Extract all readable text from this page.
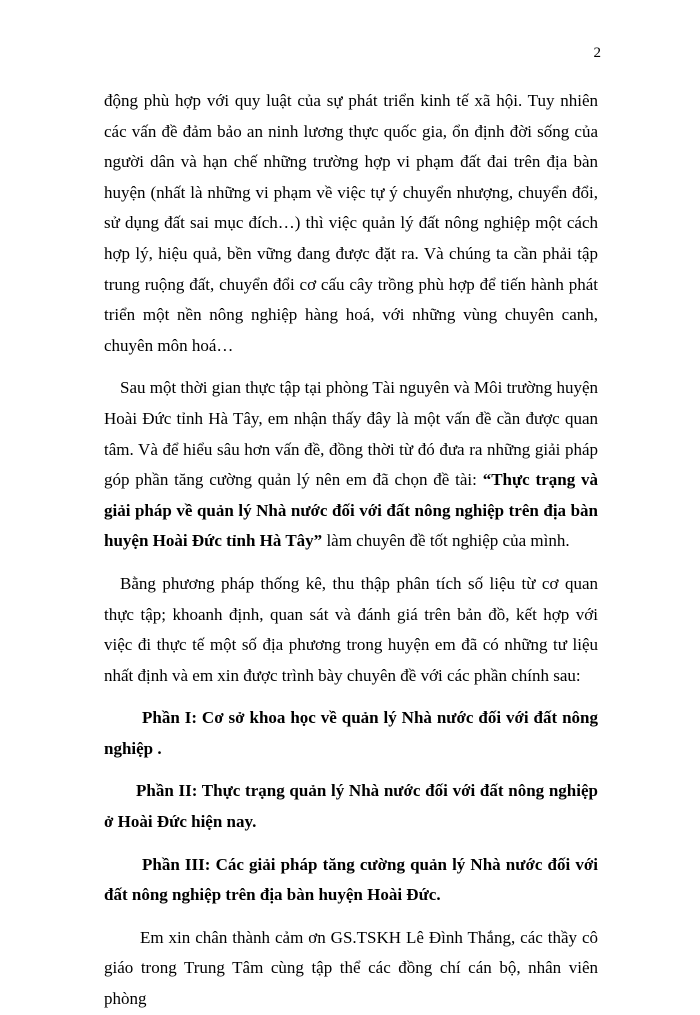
2

động phù hợp với quy luật của sự phát triển kinh tế xã hội. Tuy nhiên các vấn đề đảm bảo an ninh lương thực quốc gia, ổn định đời sống của người dân và hạn chế những trường hợp vi phạm đất đai trên địa bàn huyện (nhất là những vi phạm về việc tự ý chuyển nhượng, chuyển đổi, sử dụng đất sai mục đích…) thì việc quản lý đất nông nghiệp một cách hợp lý, hiệu quả, bền vững đang được đặt ra. Và chúng ta cần phải tập trung ruộng đất, chuyển đổi cơ cấu cây trồng phù hợp để tiến hành phát triển một nền nông nghiệp hàng hoá, với những vùng chuyên canh, chuyên môn hoá…

Sau một thời gian thực tập tại phòng Tài nguyên và Môi trường huyện Hoài Đức tỉnh Hà Tây, em nhận thấy đây là một vấn đề cần được quan tâm. Và để hiểu sâu hơn vấn đề, đồng thời từ đó đưa ra những giải pháp góp phần tăng cường quản lý nên em đã chọn đề tài: “Thực trạng và giải pháp về quản lý Nhà nước đối với đất nông nghiệp trên địa bàn huyện Hoài Đức tỉnh Hà Tây” làm chuyên đề tốt nghiệp của mình.

Bằng phương pháp thống kê, thu thập phân tích số liệu từ cơ quan thực tập; khoanh định, quan sát và đánh giá trên bản đồ, kết hợp với việc đi thực tế một số địa phương trong huyện em đã có những tư liệu nhất định và em xin được trình bày chuyên đề với các phần chính sau:

Phần I: Cơ sở khoa học về quản lý Nhà nước đối với đất nông nghiệp .

Phần II: Thực trạng quản lý Nhà nước đối với đất nông nghiệp ở Hoài Đức hiện nay.

Phần III: Các giải pháp tăng cường quản lý Nhà nước đối với đất nông nghiệp trên địa bàn huyện Hoài Đức.

Em xin chân thành cảm ơn GS.TSKH Lê Đình Thắng, các thầy cô giáo trong Trung Tâm cùng tập thể các đồng chí cán bộ, nhân viên phòng
